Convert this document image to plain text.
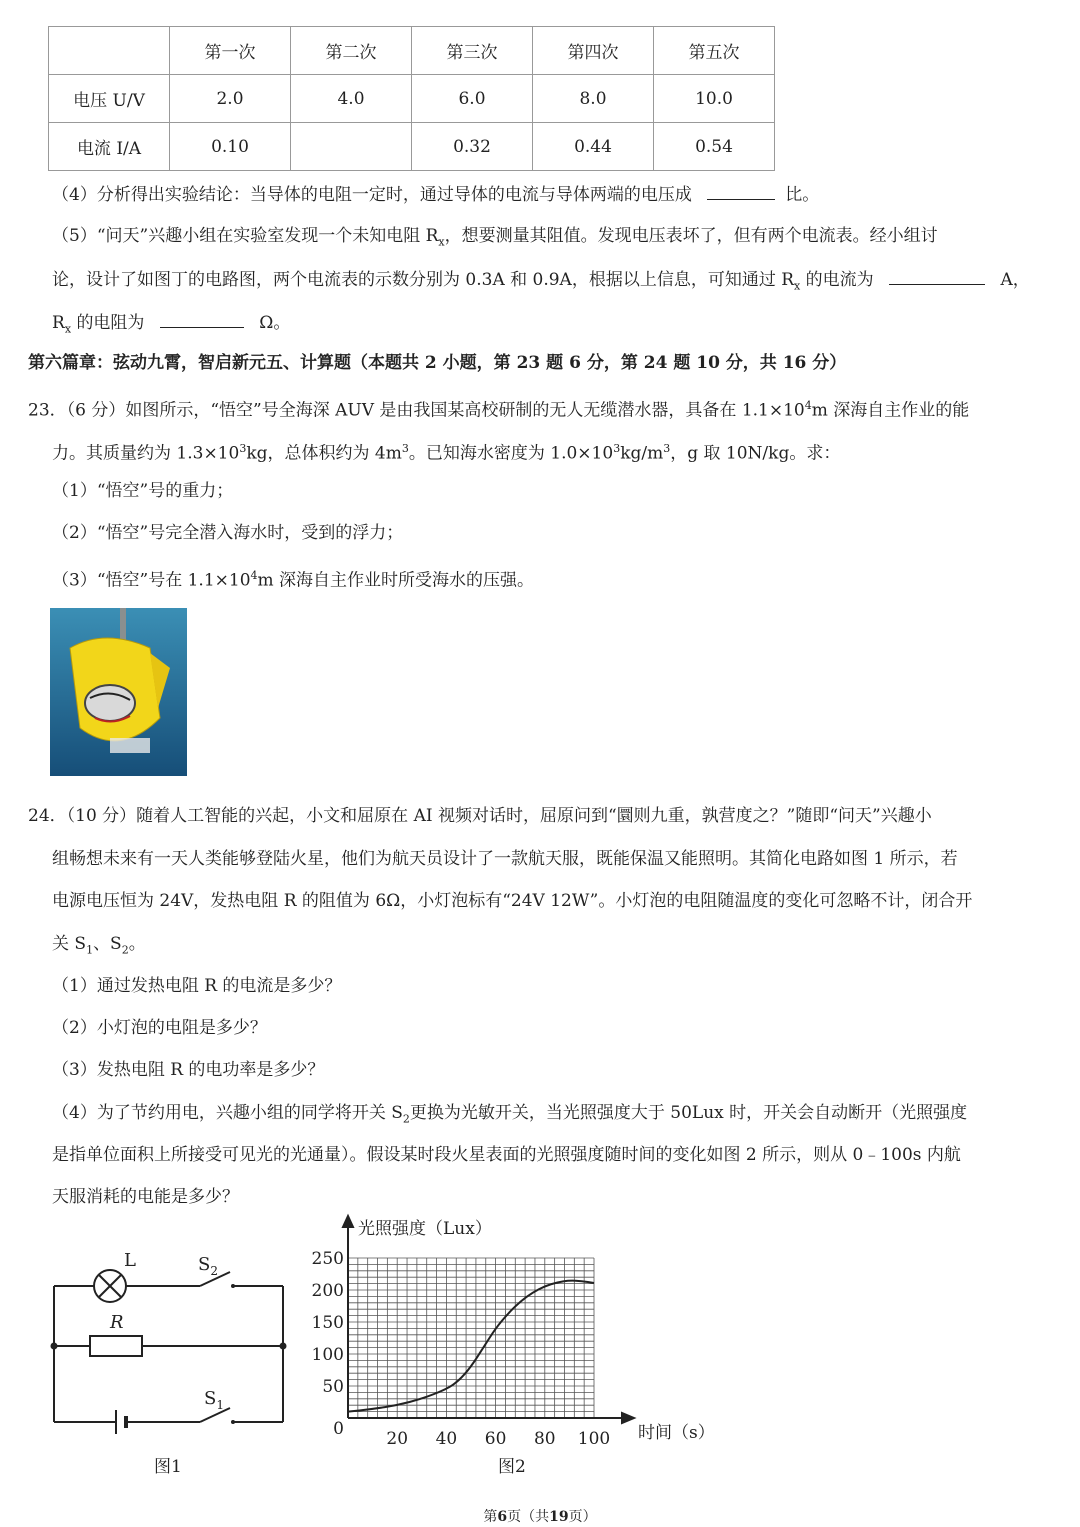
	第一次	第二次	第三次	第四次	第五次
电压 U/V	2.0	4.0	6.0	8.0	10.0
电流 I/A	0.10		0.32	0.44	0.54
（4）分析得出实验结论：当导体的电阻一定时，通过导体的电流与导体两端的电压成	比。
（5）“问天”兴趣小组在实验室发现一个未知电阻 $R_x$，想要测量其阻值。发现电压表坏了，但有两个电流表。经小组讨
论，设计了如图丁的电路图，两个电流表的示数分别为 0.3A 和 0.9A，根据以上信息，可知通过 $R_x$ 的电流为	A，
$R_x$ 的电阻为	Ω。
第六篇章：弦动九霄，智启新元五、计算题（本题共 2 小题，第 23 题 6 分，第 24 题 10 分，共 16 分）
23．（6 分）如图所示，“悟空”号全海深 AUV 是由我国某高校研制的无人无缆潜水器，具备在 $1.1\times 10^4m$ 深海自主作业的能
力。其质量约为 $1.3\times 10^3kg$，总体积约为 $4m^3$。已知海水密度为 $1.0\times 10^3kg/m^3$，g 取 10N/kg。求：
（1）“悟空”号的重力；
（2）“悟空”号完全潜入海水时，受到的浮力；
（3）“悟空”号在 $1.1\times 10^4m$ 深海自主作业时所受海水的压强。
24．（10 分）随着人工智能的兴起，小文和屈原在 AI 视频对话时，屈原问到“圜则九重，孰营度之？”随即“问天”兴趣小
组畅想未来有一天人类能够登陆火星，他们为航天员设计了一款航天服，既能保温又能照明。其简化电路如图 1 所示，若
电源电压恒为 24V，发热电阻 R 的阻值为 6Ω，小灯泡标有“24V 12W”。小灯泡的电阻随温度的变化可忽略不计，闭合开
关 $S_1$、$S_2$。
（1）通过发热电阻 R 的电流是多少？
（2）小灯泡的电阻是多少？
（3）发热电阻 R 的电功率是多少？
（4）为了节约用电，兴趣小组的同学将开关 $S_2$更换为光敏开关，当光照强度大于 50Lux 时，开关会自动断开（光照强度
是指单位面积上所接受可见光的光通量）。假设某时段火星表面的光照强度随时间的变化如图 2 所示，则从 0﹣100s 内航
天服消耗的电能是多少？
L	$S_2$
R
$S_1$
图1
50
100
150
200
250
20 40 60 80 100
0
光照强度（Lux）
时间（s）
图2
第6页（共19页）
